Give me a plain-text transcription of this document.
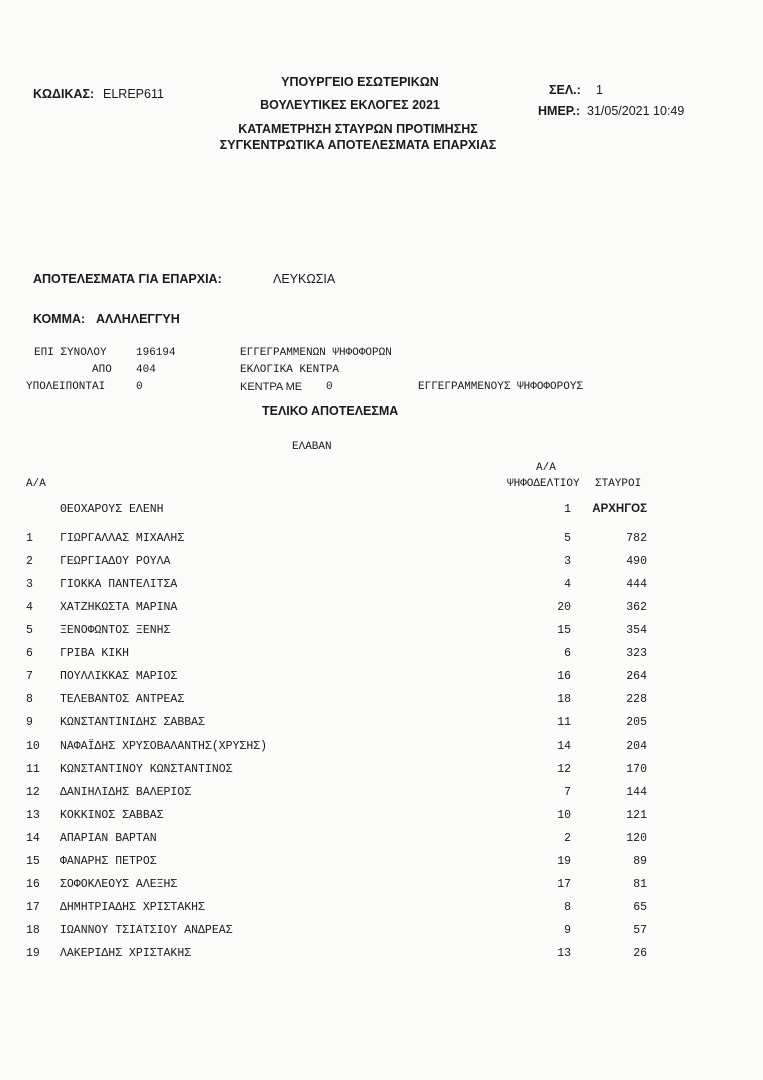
ΚΩΔΙΚΑΣ: ELREP611
ΥΠΟΥΡΓΕΙΟ ΕΣΩΤΕΡΙΚΩΝ
ΒΟΥΛΕΥΤΙΚΕΣ ΕΚΛΟΓΕΣ 2021
ΚΑΤΑΜΕΤΡΗΣΗ ΣΤΑΥΡΩΝ ΠΡΟΤΙΜΗΣΗΣ
ΣΥΓΚΕΝΤΡΩΤΙΚΑ ΑΠΟΤΕΛΕΣΜΑΤΑ ΕΠΑΡΧΙΑΣ
ΣΕΛ.: 1
ΗΜΕΡ.: 31/05/2021 10:49
ΑΠΟΤΕΛΕΣΜΑΤΑ ΓΙΑ ΕΠΑΡΧΙΑ:	ΛΕΥΚΩΣΙΑ
ΚΟΜΜΑ: ΑΛΛΗΛΕΓΓΥΗ
ΕΠΙ ΣΥΝΟΛΟΥ	196194	ΕΓΓΕΓΡΑΜΜΕΝΩΝ ΨΗΦΟΦΟΡΩΝ
ΑΠΟ 404	ΕΚΛΟΓΙΚΑ ΚΕΝΤΡΑ
ΥΠΟΛΕΙΠΟΝΤΑΙ	0	ΚΕΝΤΡΑ ΜΕ 0	ΕΓΓΕΓΡΑΜΜΕΝΟΥΣ ΨΗΦΟΦΟΡΟΥΣ
ΤΕΛΙΚΟ ΑΠΟΤΕΛΕΣΜΑ
ΕΛΑΒΑΝ
Α/Α
Α/Α
ΨΗΦΟΔΕΛΤΙΟΥ ΣΤΑΥΡΟΙ
ΘΕΟΧΑΡΟΥΣ ΕΛΕΝΗ	1 ΑΡΧΗΓΟΣ
1 ΓΙΩΡΓΑΛΛΑΣ ΜΙΧΑΛΗΣ	5	782
2 ΓΕΩΡΓΙΑΔΟΥ ΡΟΥΛΑ	3	490
3 ΓΙΟΚΚΑ ΠΑΝΤΕΛΙΤΣΑ	4	444
4 ΧΑΤΖΗΚΩΣΤΑ ΜΑΡΙΝΑ	20	362
5 ΞΕΝΟΦΩΝΤΟΣ ΞΕΝΗΣ	15	354
6 ΓΡΙΒΑ ΚΙΚΗ	6	323
7 ΠΟΥΛΛΙΚΚΑΣ ΜΑΡΙΟΣ	16	264
8 ΤΕΛΕΒΑΝΤΟΣ ΑΝΤΡΕΑΣ	18	228
9 ΚΩΝΣΤΑΝΤΙΝΙΔΗΣ ΣΑΒΒΑΣ	11	205
10 ΝΑΦΑΪΔΗΣ ΧΡΥΣΟΒΑΛΑΝΤΗΣ(ΧΡΥΣΗΣ)	14	204
11 ΚΩΝΣΤΑΝΤΙΝΟΥ ΚΩΝΣΤΑΝΤΙΝΟΣ	12	170
12 ΔΑΝΙΗΛΙΔΗΣ ΒΑΛΕΡΙΟΣ	7	144
13 ΚΟΚΚΙΝΟΣ ΣΑΒΒΑΣ	10	121
14 ΑΠΑΡΙΑΝ ΒΑΡΤΑΝ	2	120
15 ΦΑΝΑΡΗΣ ΠΕΤΡΟΣ	19	89
16 ΣΟΦΟΚΛΕΟΥΣ ΑΛΕΞΗΣ	17	81
17 ΔΗΜΗΤΡΙΑΔΗΣ ΧΡΙΣΤΑΚΗΣ	8	65
18 ΙΩΑΝΝΟΥ ΤΣΙΑΤΣΙΟΥ ΑΝΔΡΕΑΣ	9	57
19 ΛΑΚΕΡΙΔΗΣ ΧΡΙΣΤΑΚΗΣ	13	26
